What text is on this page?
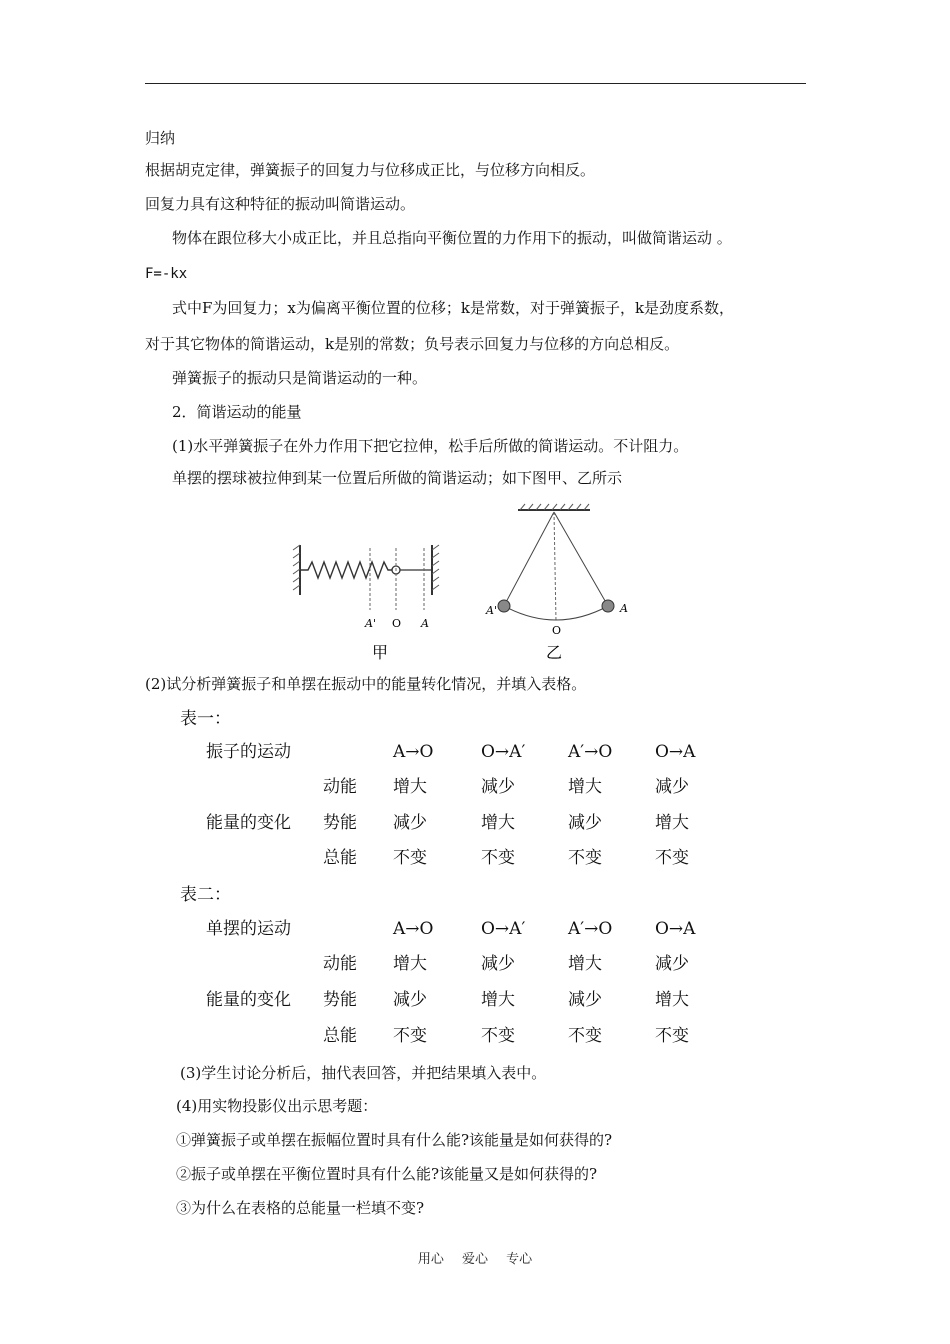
归纳
根据胡克定律，弹簧振子的回复力与位移成正比，与位移方向相反。
回复力具有这种特征的振动叫简谐运动。
物体在跟位移大小成正比，并且总指向平衡位置的力作用下的振动，叫做简谐运动 。
F=-kx
式中F为回复力；x为偏离平衡位置的位移；k是常数，对于弹簧振子，k是劲度系数，
对于其它物体的简谐运动，k是别的常数；负号表示回复力与位移的方向总相反。
弹簧振子的振动只是简谐运动的一种。
2．简谐运动的能量
(1)水平弹簧振子在外力作用下把它拉伸，松手后所做的简谐运动。不计阻力。
单摆的摆球被拉伸到某一位置后所做的简谐运动；如下图甲、乙所示
A' O A
甲
A'
O
A
乙
(2)试分析弹簧振子和单摆在振动中的能量转化情况，并填入表格。
表一：
振子的运动	A→O	O→A′	A′→O	O→A
动能 增大	减少	增大	减少
能量的变化 势能 减少	增大	减少	增大
总能 不变	不变	不变	不变
表二：
单摆的运动	A→O	O→A′	A′→O	O→A
动能 增大	减少	增大	减少
能量的变化 势能 减少	增大	减少	增大
总能 不变	不变	不变	不变
(3)学生讨论分析后，抽代表回答，并把结果填入表中。
(4)用实物投影仪出示思考题：
①弹簧振子或单摆在振幅位置时具有什么能?该能量是如何获得的?
②振子或单摆在平衡位置时具有什么能?该能量又是如何获得的?
③为什么在表格的总能量一栏填不变?
用心 爱心 专心
